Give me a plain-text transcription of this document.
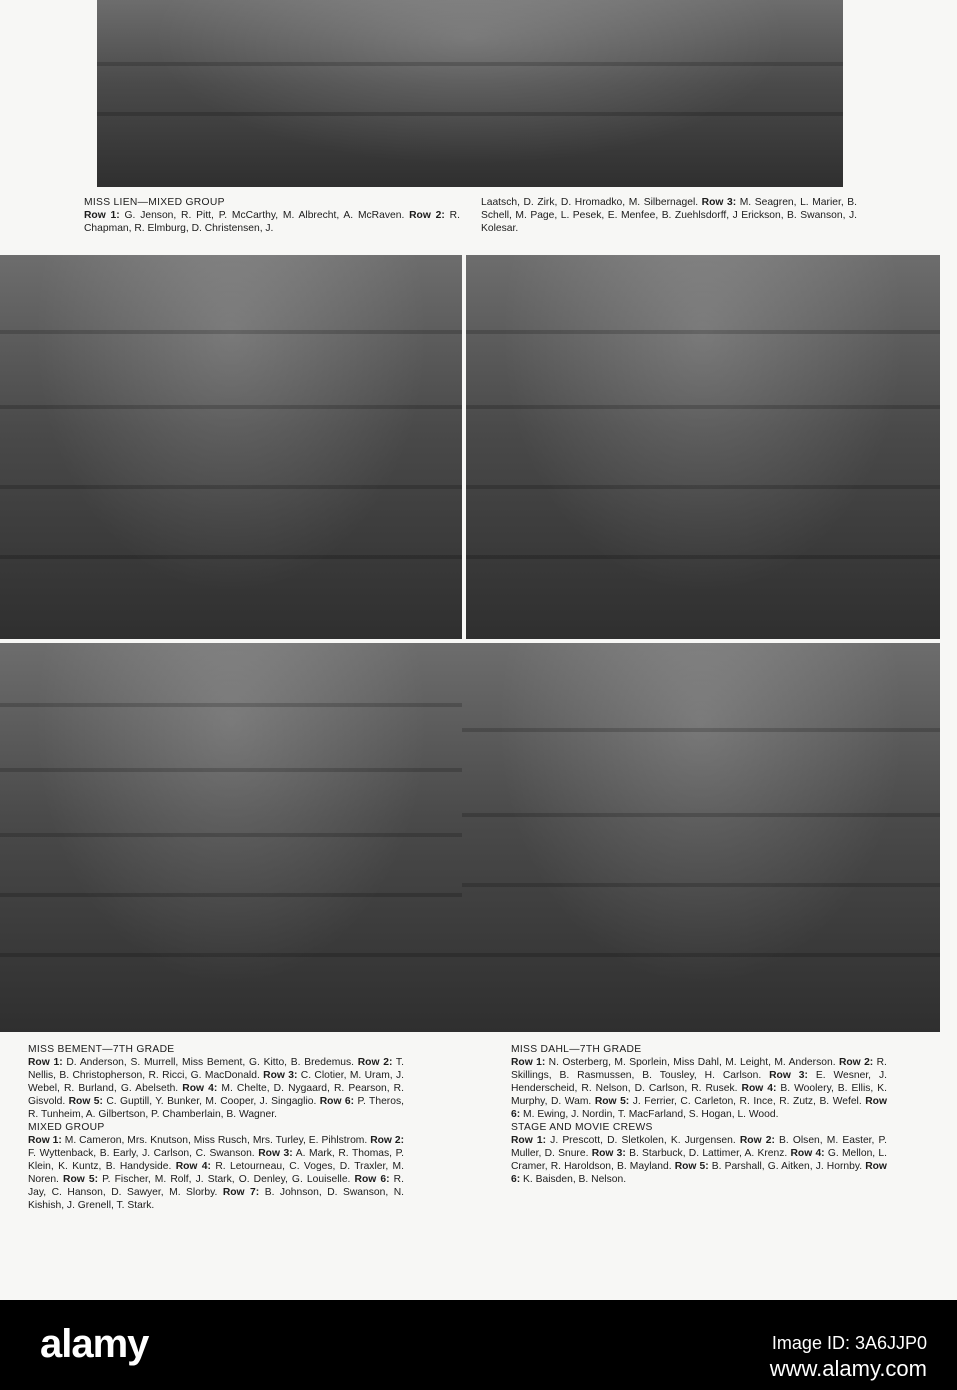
MISS LIEN—MIXED GROUP

Row 1: G. Jenson, R. Pitt, P. McCarthy, M. Albrecht, A. McRaven. Row 2: R. Chapman, R. Elmburg, D. Christensen, J.

Laatsch, D. Zirk, D. Hromadko, M. Silbernagel. Row 3: M. Seagren, L. Marier, B. Schell, M. Page, L. Pesek, E. Menfee, B. Zuehlsdorff, J Erickson, B. Swanson, J. Kolesar.

MISS BEMENT—7TH GRADE

Row 1: D. Anderson, S. Murrell, Miss Bement, G. Kitto, B. Bredemus. Row 2: T. Nellis, B. Christopherson, R. Ricci, G. MacDonald. Row 3: C. Clotier, M. Uram, J. Webel, R. Burland, G. Abelseth. Row 4: M. Chelte, D. Nygaard, R. Pearson, R. Gisvold. Row 5: C. Guptill, Y. Bunker, M. Cooper, J. Singaglio. Row 6: P. Theros, R. Tunheim, A. Gilbertson, P. Chamberlain, B. Wagner.

MIXED GROUP

Row 1: M. Cameron, Mrs. Knutson, Miss Rusch, Mrs. Turley, E. Pihlstrom. Row 2: F. Wyttenback, B. Early, J. Carlson, C. Swanson. Row 3: A. Mark, R. Thomas, P. Klein, K. Kuntz, B. Handyside. Row 4: R. Letourneau, C. Voges, D. Traxler, M. Noren. Row 5: P. Fischer, M. Rolf, J. Stark, O. Denley, G. Louiselle. Row 6: R. Jay, C. Hanson, D. Sawyer, M. Slorby. Row 7: B. Johnson, D. Swanson, N. Kishish, J. Grenell, T. Stark.

MISS DAHL—7TH GRADE

Row 1: N. Osterberg, M. Sporlein, Miss Dahl, M. Leight, M. Anderson. Row 2: R. Skillings, B. Rasmussen, B. Tousley, H. Carlson. Row 3: E. Wesner, J. Henderscheid, R. Nelson, D. Carlson, R. Rusek. Row 4: B. Woolery, B. Ellis, K. Murphy, D. Wam. Row 5: J. Ferrier, C. Carleton, R. Ince, R. Zutz, B. Wefel. Row 6: M. Ewing, J. Nordin, T. MacFarland, S. Hogan, L. Wood.

STAGE AND MOVIE CREWS

Row 1: J. Prescott, D. Sletkolen, K. Jurgensen. Row 2: B. Olsen, M. Easter, P. Muller, D. Snure. Row 3: B. Starbuck, D. Lattimer, A. Krenz. Row 4: G. Mellon, L. Cramer, R. Haroldson, B. Mayland. Row 5: B. Parshall, G. Aitken, J. Hornby. Row 6: K. Baisden, B. Nelson.

alamy	Image ID: 3A6JJP0
www.alamy.com
